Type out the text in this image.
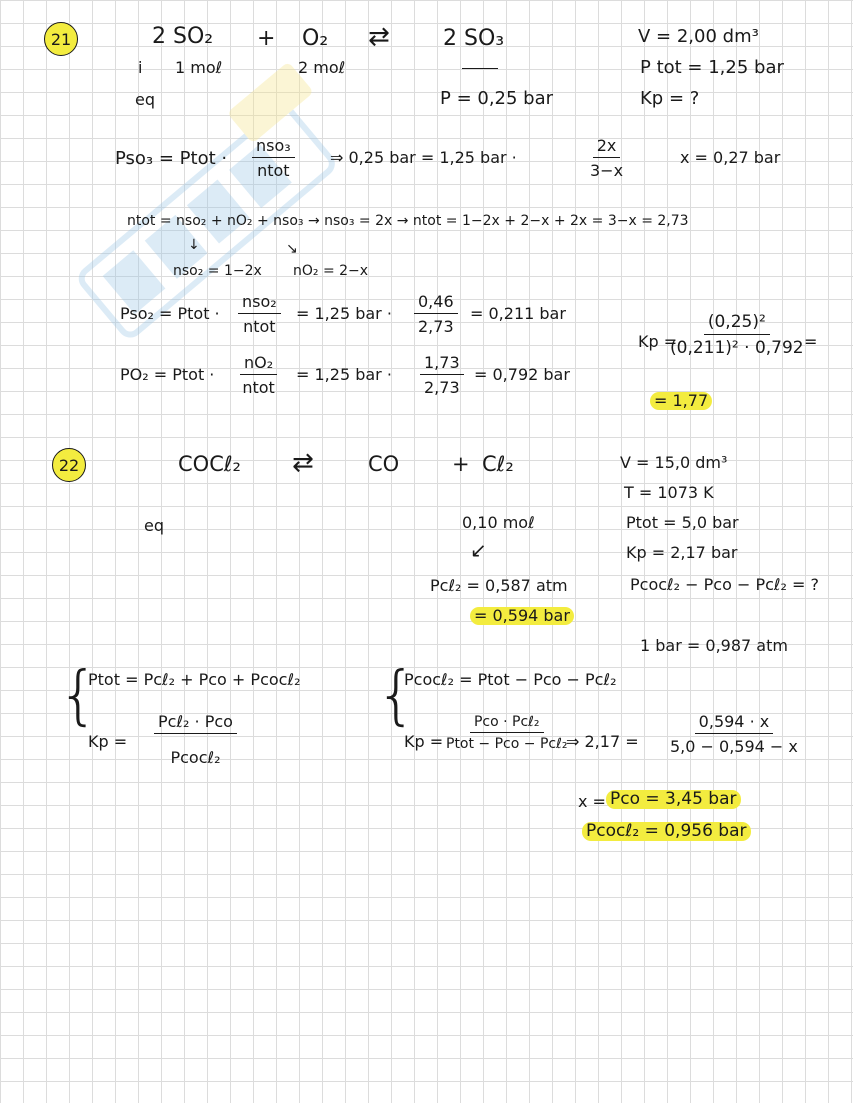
21	2 SO₂ + O₂ ⇄ 2 SO₃
i 1 moℓ	2 moℓ
eq	P = 0,25 bar
V = 2,00 dm³
P tot = 1,25 bar
Kp = ?
Pso₃ = Ptot ·
nso₃
ntot
⇒ 0,25 bar = 1,25 bar ·	$\frac{2x}{3-x}$	x = 0,27 bar
ntot = nso₂ + nO₂ + nso₃ → nso₃ = 2x → ntot = 1−2x + 2−x + 2x = 3−x = 2,73
↓	↘
nso₂ = 1−2x nO₂ = 2−x
Pso₂ = Ptot ·
nso₂
ntot
= 1,25 bar · $\frac{0,46}{2,73} = 0,211$ bar
PO₂ = Ptot ·
nO₂
ntot
= 1,25 bar · $\frac{1,73}{2,73} = 0,792$ bar
Kp =
$\frac{\text{(0,25)²}}{\text{(0,211)² · 0,792}}$ =
= 1,77
22	COCℓ₂ ⇄	CO	+ Cℓ₂
eq	0,10 moℓ
↙
Pcℓ₂ = 0,587 atm
= 0,594 bar
V = 15,0 dm³
T = 1073 K
Ptot = 5,0 bar
Kp = 2,17 bar
Pcocℓ₂ − Pco − Pcℓ₂ = ?
1 bar = 0,987 atm
{
Ptot = Pcℓ₂ + Pco + Pcocℓ₂
Kp =
Pcℓ₂ · Pco
Pcocℓ₂
{
Pcocℓ₂ = Ptot − Pco − Pcℓ₂
Kp =
Pco · Pcℓ₂
Ptot − Pco − Pcℓ₂
⇒ $2,17 = \frac{0,594 \cdot x}{5,0 - 0,594 - x}$
x = Pco = 3,45 bar
Pcocℓ₂ = 0,956 bar
